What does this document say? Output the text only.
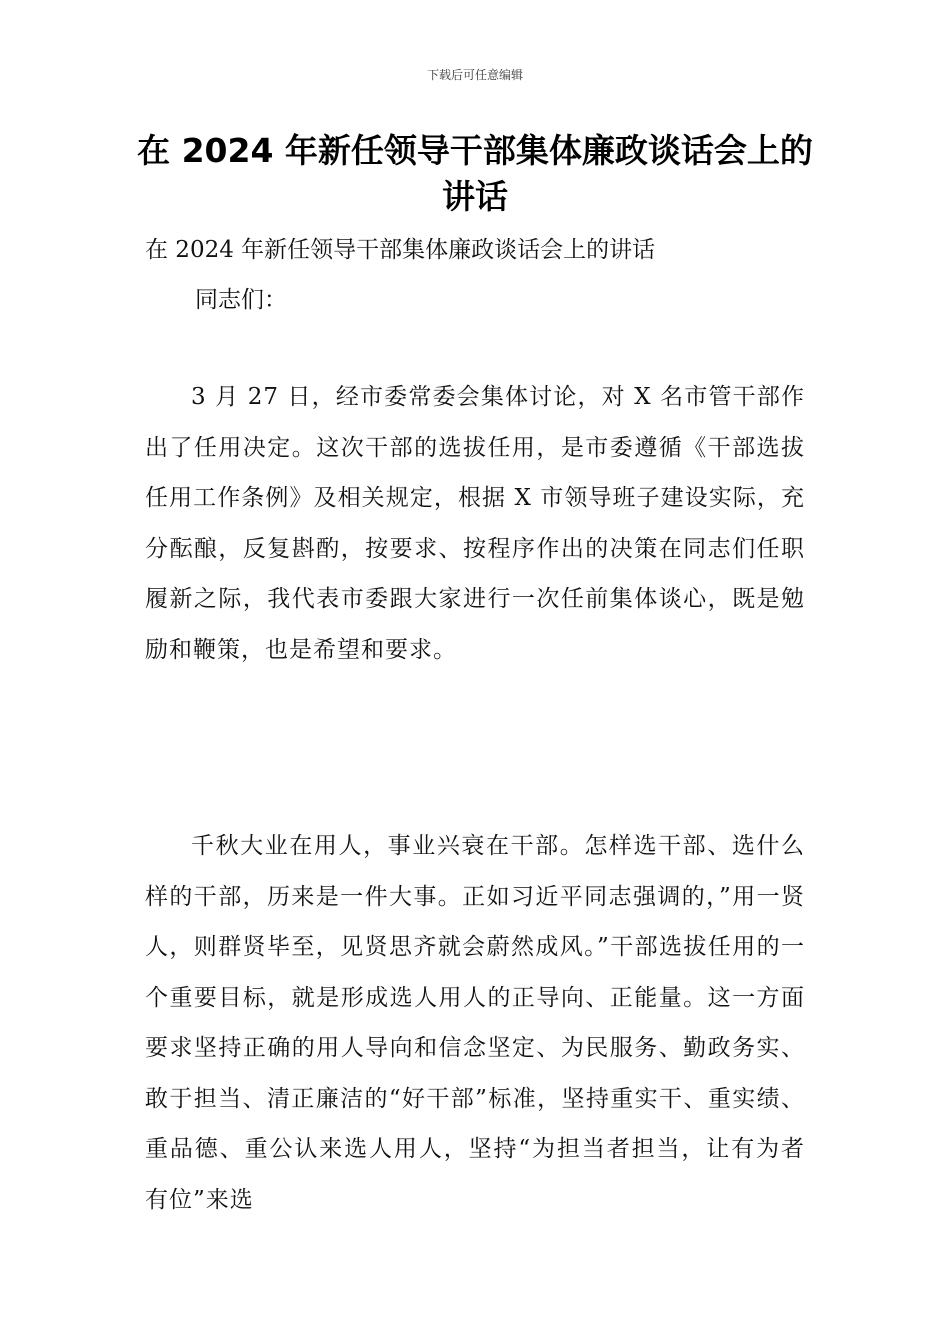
下载后可任意编辑
在 2024 年新任领导干部集体廉政谈话会上的讲话

在 2024 年新任领导干部集体廉政谈话会上的讲话

同志们：

3 月 27 日，经市委常委会集体讨论，对 X 名市管干部作出了任用决定。这次干部的选拔任用，是市委遵循《干部选拔任用工作条例》及相关规定，根据 X 市领导班子建设实际，充分酝酿，反复斟酌，按要求、按程序作出的决策在同志们任职履新之际，我代表市委跟大家进行一次任前集体谈心，既是勉励和鞭策，也是希望和要求。

千秋大业在用人，事业兴衰在干部。怎样选干部、选什么样的干部，历来是一件大事。正如习近平同志强调的，”用一贤人，则群贤毕至，见贤思齐就会蔚然成风。”干部选拔任用的一个重要目标，就是形成选人用人的正导向、正能量。这一方面要求坚持正确的用人导向和信念坚定、为民服务、勤政务实、敢于担当、清正廉洁的“好干部”标准，坚持重实干、重实绩、重品德、重公认来选人用人，坚持“为担当者担当，让有为者有位”来选
